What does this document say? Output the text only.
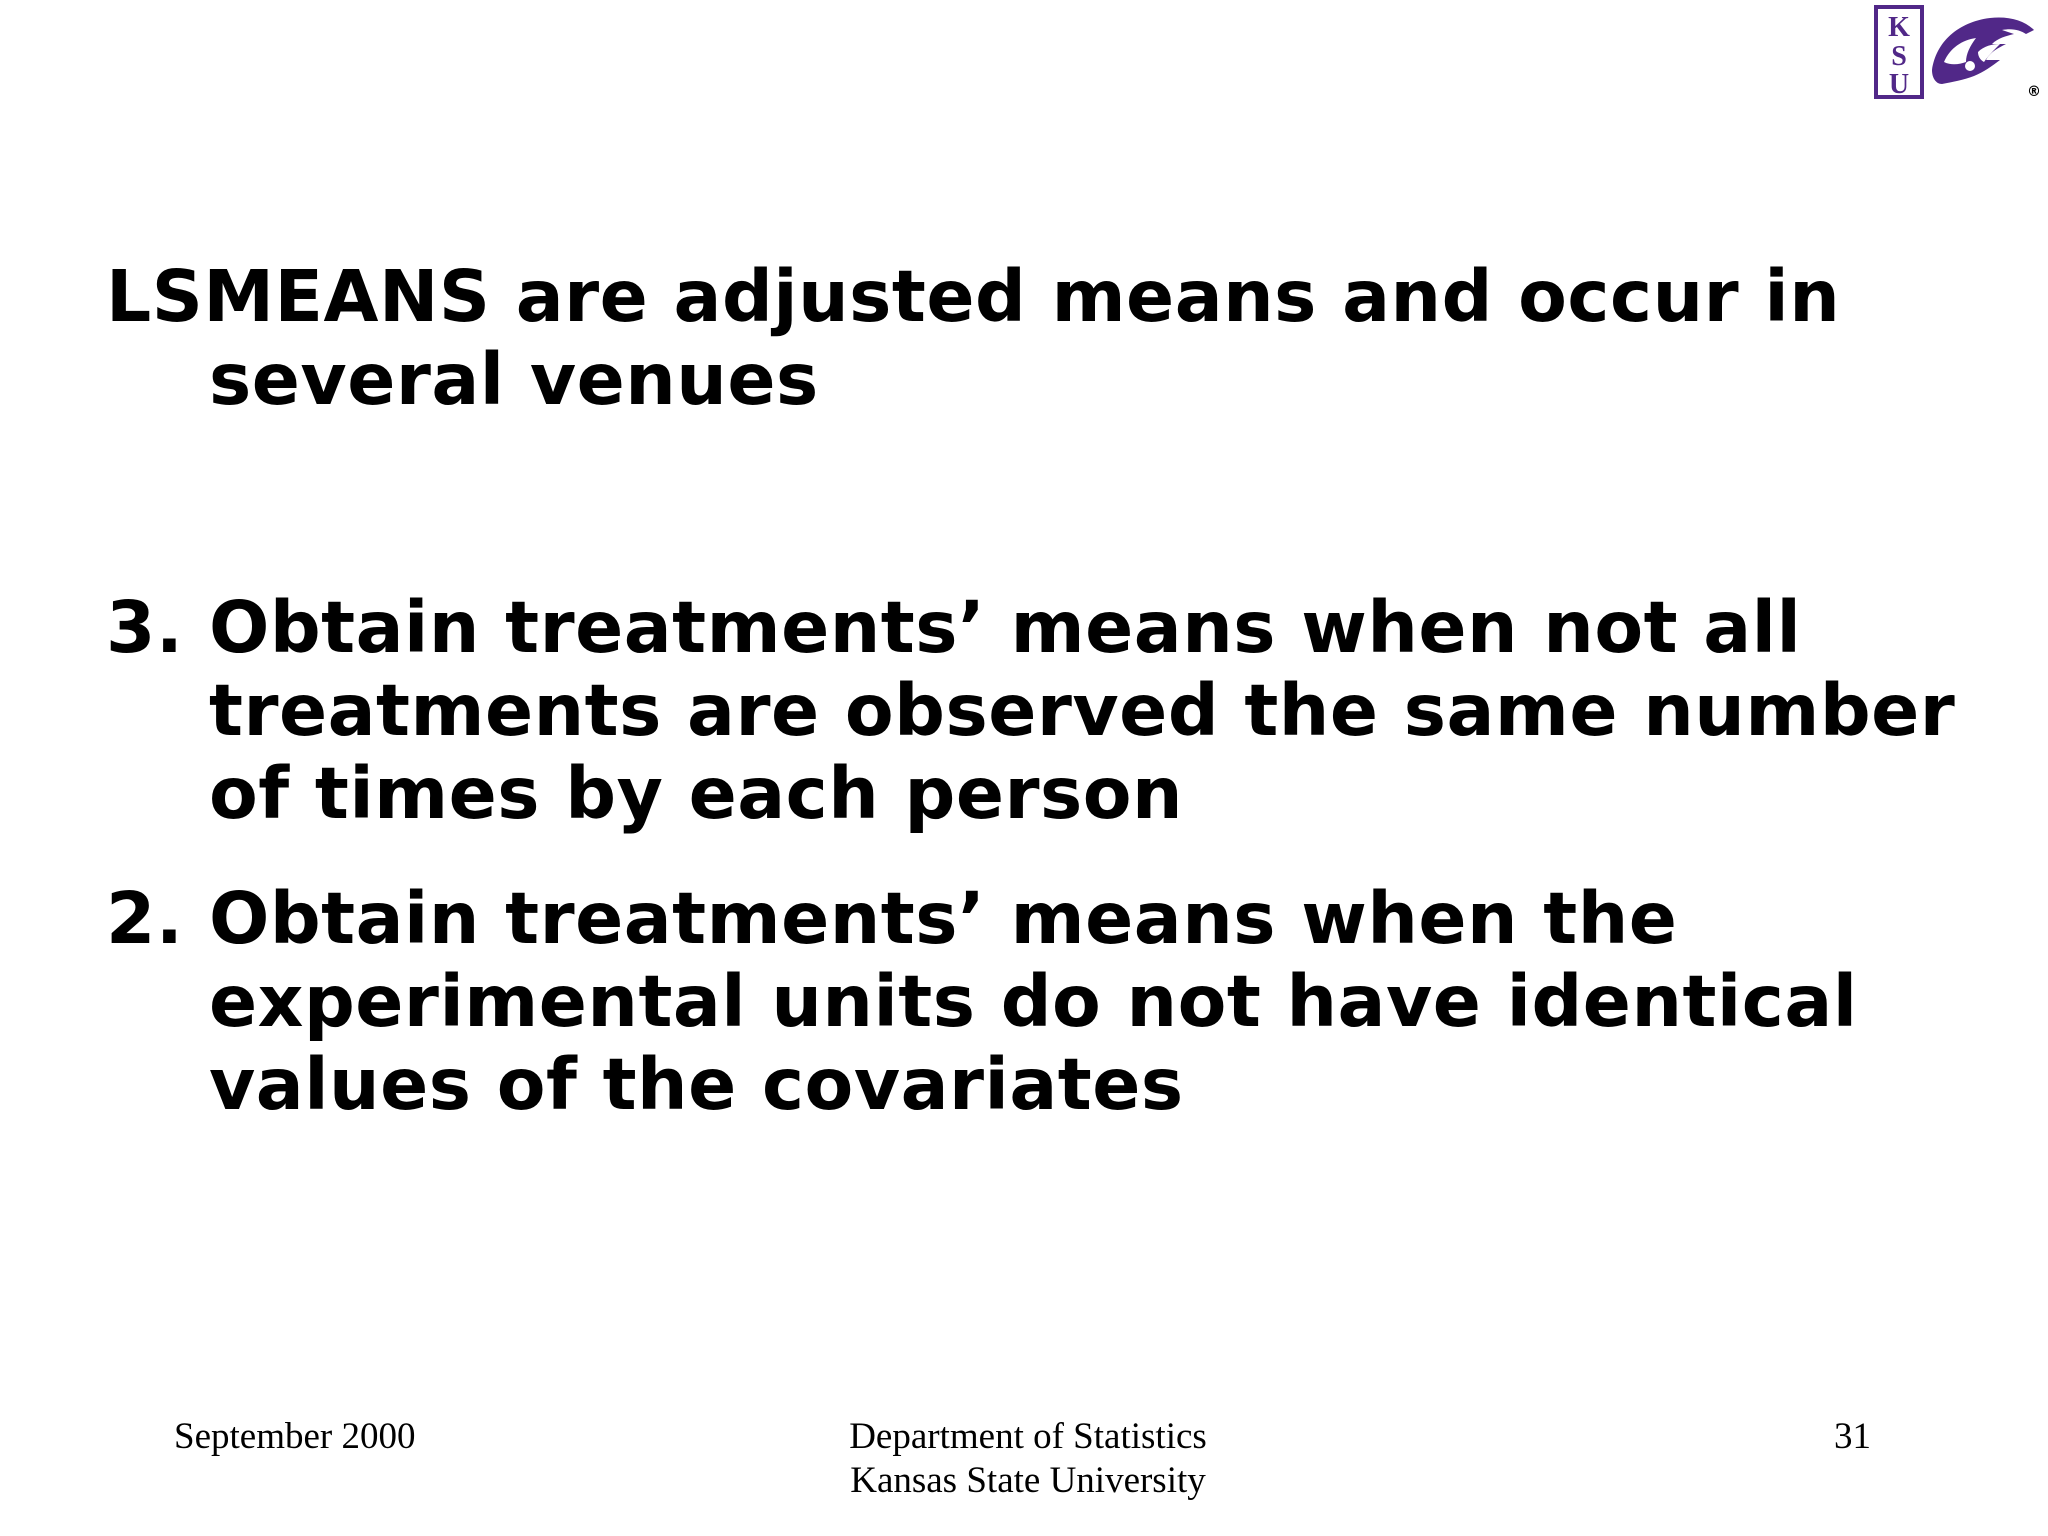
K
S
U	®

LSMEANS are adjusted means and occur in several venues

3. Obtain treatments’ means when not all treatments are observed the same number of times by each person
2. Obtain treatments’ means when the experimental units do not have identical values of the covariates
September 2000	Department of Statistics
Kansas State University
31
